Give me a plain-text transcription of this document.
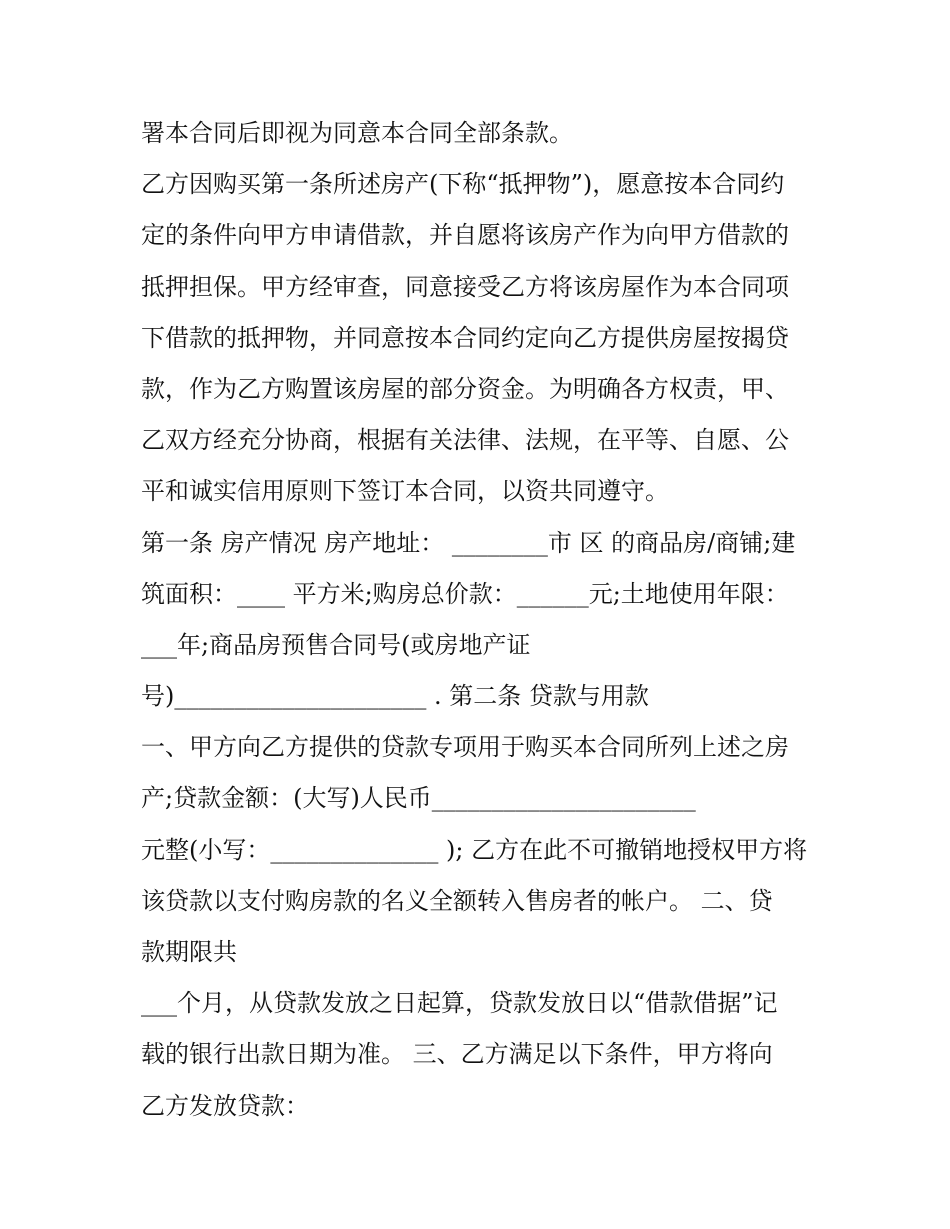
署本合同后即视为同意本合同全部条款。
乙方因购买第一条所述房产(下称“抵押物”)，愿意按本合同约
定的条件向甲方申请借款，并自愿将该房产作为向甲方借款的
抵押担保。甲方经审查，同意接受乙方将该房屋作为本合同项
下借款的抵押物，并同意按本合同约定向乙方提供房屋按揭贷
款，作为乙方购置该房屋的部分资金。为明确各方权责，甲、
乙双方经充分协商，根据有关法律、法规，在平等、自愿、公
平和诚实信用原则下签订本合同，以资共同遵守。
第一条 房产情况 房产地址： ________市 区 的商品房/商铺;建
筑面积：____ 平方米;购房总价款：______元;土地使用年限：
___年;商品房预售合同号(或房地产证
号)_____________________ . 第二条 贷款与用款
一、甲方向乙方提供的贷款专项用于购买本合同所列上述之房
产;贷款金额：(大写)人民币______________________
元整(小写：______________ ); 乙方在此不可撤销地授权甲方将
该贷款以支付购房款的名义全额转入售房者的帐户。 二、贷
款期限共
___个月，从贷款发放之日起算，贷款发放日以“借款借据”记
载的银行出款日期为准。 三、乙方满足以下条件，甲方将向
乙方发放贷款：
